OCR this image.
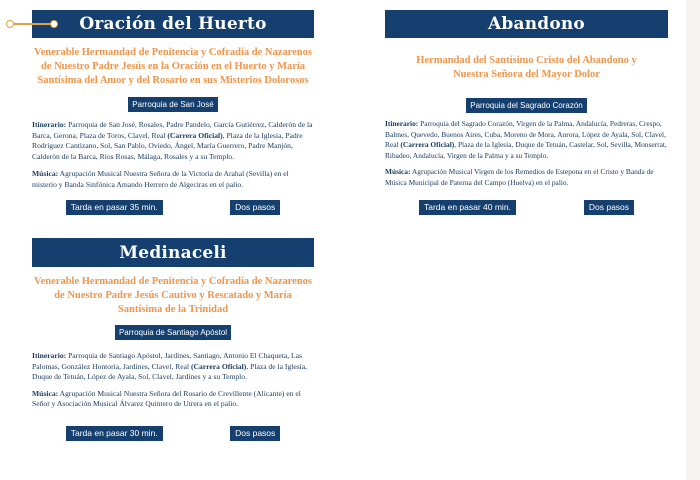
Oración del Huerto
Venerable Hermandad de Penitencia y Cofradía de Nazarenos de Nuestro Padre Jesús en la Oración en el Huerto y María Santísima del Amor y del Rosario en sus Misterios Dolorosos
Parroquia de San José
Itinerario: Parroquia de San José, Rosales, Padre Pandelo, García Gutiérrez, Calderón de la Barca, Gerona, Plaza de Toros, Clavel, Real (Carrera Oficial), Plaza de la Iglesia, Padre Rodríguez Cantizano, Sol, San Pablo, Oviedo, Ángel, María Guerrero, Padre Manjón, Calderón de la Barca, Ríos Rosas, Málaga, Rosales y a su Templo.
Música: Agrupación Musical Nuestra Señora de la Victoria de Arahal (Sevilla) en el misterio y Banda Sinfónica Amando Herrero de Algeciras en el palio.
Tarda en pasar 35 min.	Dos pasos
Abandono
Hermandad del Santísimo Cristo del Abandono y Nuestra Señora del Mayor Dolor
Parroquia del Sagrado Corazón
Itinerario: Parroquia del Sagrado Corazón, Virgen de la Palma, Andalucía, Pedreras, Crespo, Balmes, Quevedo, Buenos Aires, Cuba, Moreno de Mora, Aurora, López de Ayala, Sol, Clavel, Real (Carrera Oficial), Plaza de la Iglesia, Duque de Tetuán, Castelar, Sol, Sevilla, Monserrat, Ribadeo, Andalucía, Virgen de la Palma y a su Templo.
Música: Agrupación Musical Virgen de los Remedios de Estepona en el Cristo y Banda de Música Municipal de Paterna del Campo (Huelva) en el palio.
Tarda en pasar 40 min.	Dos pasos
Medinaceli
Venerable Hermandad de Penitencia y Cofradía de Nazarenos de Nuestro Padre Jesús Cautivo y Rescatado y María Santísima de la Trinidad
Parroquia de Santiago Apóstol
Itinerario: Parroquia de Santiago Apóstol, Jardines, Santiago, Antonio El Chaqueta, Las Palomas, González Hontoria, Jardines, Clavel, Real (Carrera Oficial), Plaza de la Iglesia, Duque de Tetuán, López de Ayala, Sol, Clavel, Jardines y a su Templo.
Música: Agrupación Musical Nuestra Señora del Rosario de Crevillente (Alicante) en el Señor y Asociación Musical Álvarez Quintero de Utrera en el palio.
Tarda en pasar 30 min.	Dos pasos
